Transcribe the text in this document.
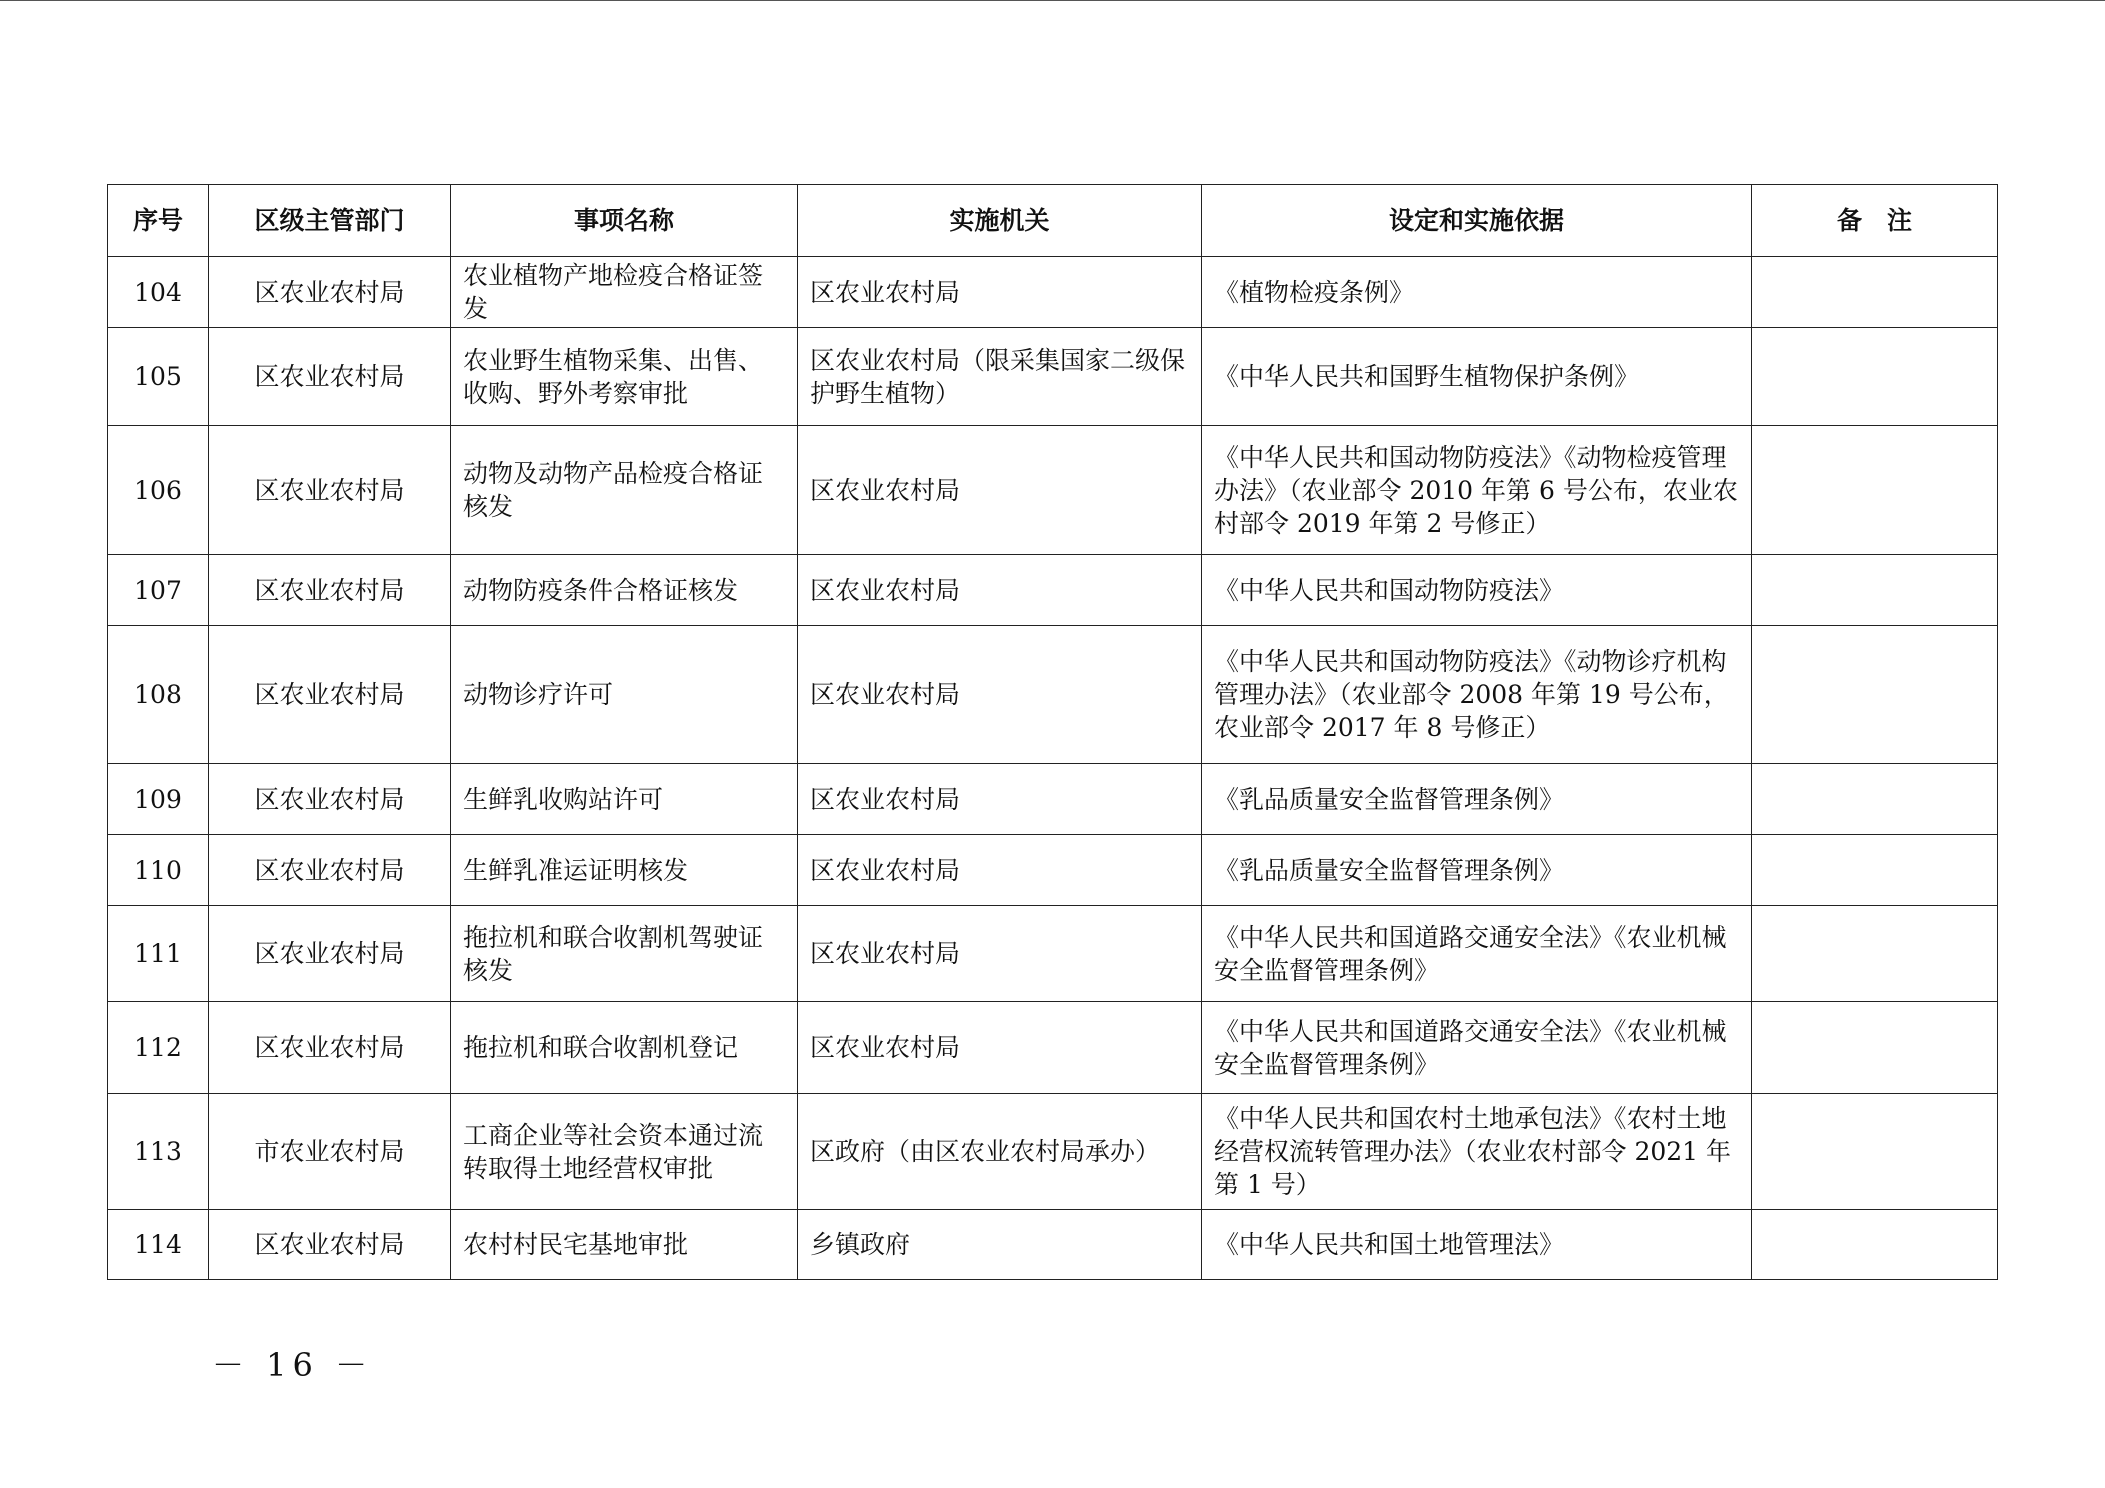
序号	区级主管部门	事项名称	实施机关	设定和实施依据	备　注
104	区农业农村局	农业植物产地检疫合格证签发	区农业农村局	《植物检疫条例》	
105	区农业农村局	农业野生植物采集、出售、收购、野外考察审批	区农业农村局（限采集国家二级保护野生植物）	《中华人民共和国野生植物保护条例》	
106	区农业农村局	动物及动物产品检疫合格证核发	区农业农村局	《中华人民共和国动物防疫法》《动物检疫管理办法》（农业部令 2010 年第 6 号公布，农业农村部令 2019 年第 2 号修正）	
107	区农业农村局	动物防疫条件合格证核发	区农业农村局	《中华人民共和国动物防疫法》	
108	区农业农村局	动物诊疗许可	区农业农村局	《中华人民共和国动物防疫法》《动物诊疗机构管理办法》（农业部令 2008 年第 19 号公布，农业部令 2017 年 8 号修正）	
109	区农业农村局	生鲜乳收购站许可	区农业农村局	《乳品质量安全监督管理条例》	
110	区农业农村局	生鲜乳准运证明核发	区农业农村局	《乳品质量安全监督管理条例》	
111	区农业农村局	拖拉机和联合收割机驾驶证核发	区农业农村局	《中华人民共和国道路交通安全法》《农业机械安全监督管理条例》	
112	区农业农村局	拖拉机和联合收割机登记	区农业农村局	《中华人民共和国道路交通安全法》《农业机械安全监督管理条例》	
113	市农业农村局	工商企业等社会资本通过流转取得土地经营权审批	区政府（由区农业农村局承办）	《中华人民共和国农村土地承包法》《农村土地经营权流转管理办法》（农业农村部令 2021 年第 1 号）	
114	区农业农村局	农村村民宅基地审批	乡镇政府	《中华人民共和国土地管理法》	
－ 16 －
